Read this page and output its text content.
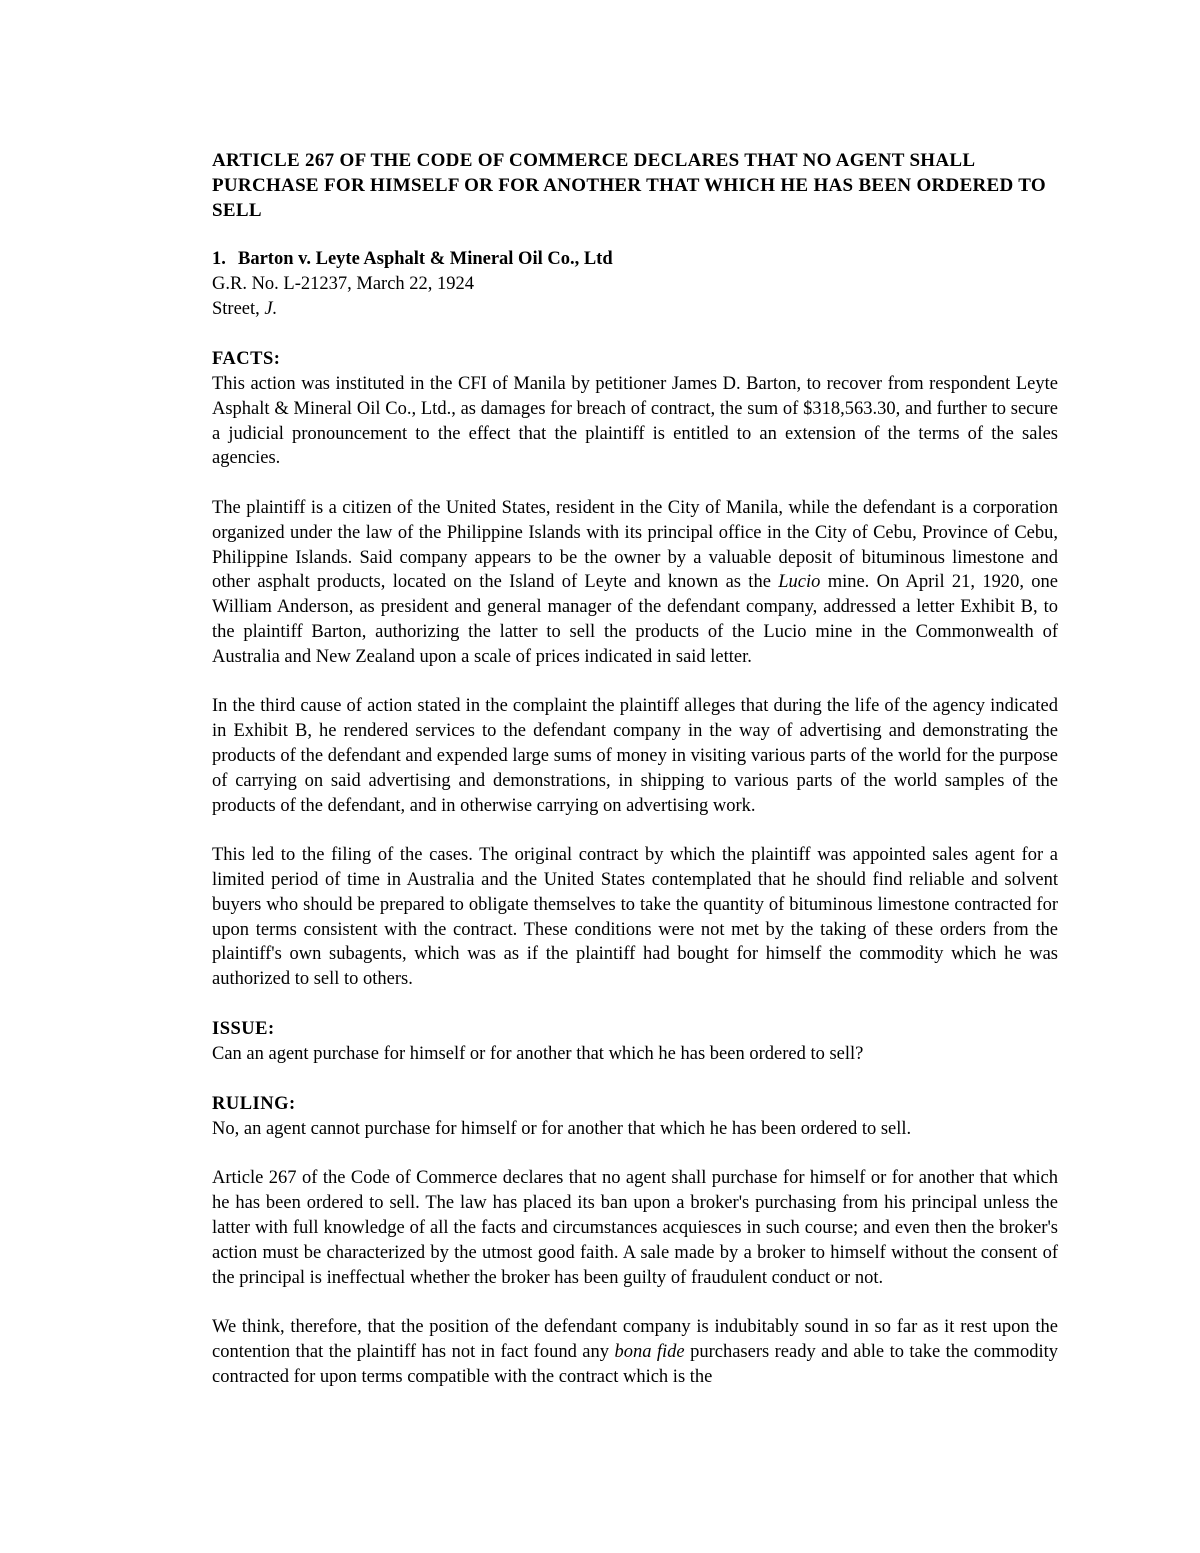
ARTICLE 267 OF THE CODE OF COMMERCE DECLARES THAT NO AGENT SHALL PURCHASE FOR HIMSELF OR FOR ANOTHER THAT WHICH HE HAS BEEN ORDERED TO SELL
1. Barton v. Leyte Asphalt & Mineral Oil Co., Ltd
G.R. No. L-21237, March 22, 1924
Street, J.
FACTS:

This action was instituted in the CFI of Manila by petitioner James D. Barton, to recover from respondent Leyte Asphalt & Mineral Oil Co., Ltd., as damages for breach of contract, the sum of $318,563.30, and further to secure a judicial pronouncement to the effect that the plaintiff is entitled to an extension of the terms of the sales agencies.

The plaintiff is a citizen of the United States, resident in the City of Manila, while the defendant is a corporation organized under the law of the Philippine Islands with its principal office in the City of Cebu, Province of Cebu, Philippine Islands. Said company appears to be the owner by a valuable deposit of bituminous limestone and other asphalt products, located on the Island of Leyte and known as the Lucio mine. On April 21, 1920, one William Anderson, as president and general manager of the defendant company, addressed a letter Exhibit B, to the plaintiff Barton, authorizing the latter to sell the products of the Lucio mine in the Commonwealth of Australia and New Zealand upon a scale of prices indicated in said letter.

In the third cause of action stated in the complaint the plaintiff alleges that during the life of the agency indicated in Exhibit B, he rendered services to the defendant company in the way of advertising and demonstrating the products of the defendant and expended large sums of money in visiting various parts of the world for the purpose of carrying on said advertising and demonstrations, in shipping to various parts of the world samples of the products of the defendant, and in otherwise carrying on advertising work.

This led to the filing of the cases. The original contract by which the plaintiff was appointed sales agent for a limited period of time in Australia and the United States contemplated that he should find reliable and solvent buyers who should be prepared to obligate themselves to take the quantity of bituminous limestone contracted for upon terms consistent with the contract. These conditions were not met by the taking of these orders from the plaintiff's own subagents, which was as if the plaintiff had bought for himself the commodity which he was authorized to sell to others.

ISSUE:

Can an agent purchase for himself or for another that which he has been ordered to sell?

RULING:

No, an agent cannot purchase for himself or for another that which he has been ordered to sell.

Article 267 of the Code of Commerce declares that no agent shall purchase for himself or for another that which he has been ordered to sell. The law has placed its ban upon a broker's purchasing from his principal unless the latter with full knowledge of all the facts and circumstances acquiesces in such course; and even then the broker's action must be characterized by the utmost good faith. A sale made by a broker to himself without the consent of the principal is ineffectual whether the broker has been guilty of fraudulent conduct or not.

We think, therefore, that the position of the defendant company is indubitably sound in so far as it rest upon the contention that the plaintiff has not in fact found any bona fide purchasers ready and able to take the commodity contracted for upon terms compatible with the contract which is the
